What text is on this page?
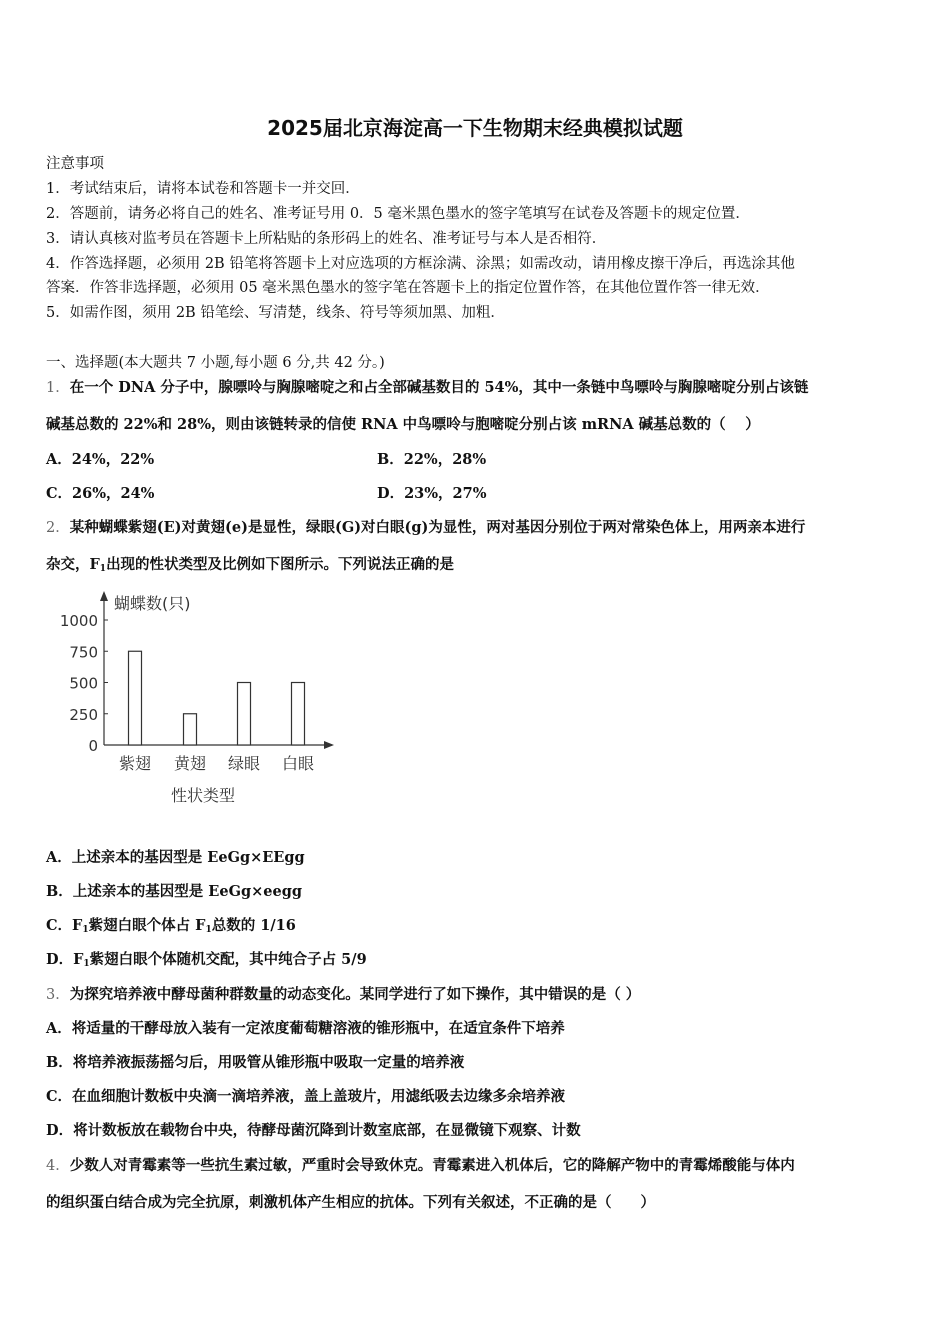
2025届北京海淀高一下生物期末经典模拟试题
注意事项
1．考试结束后，请将本试卷和答题卡一并交回．
2．答题前，请务必将自己的姓名、准考证号用 0．5 毫米黑色墨水的签字笔填写在试卷及答题卡的规定位置．
3．请认真核对监考员在答题卡上所粘贴的条形码上的姓名、准考证号与本人是否相符．
4．作答选择题，必须用 2B 铅笔将答题卡上对应选项的方框涂满、涂黑；如需改动，请用橡皮擦干净后，再选涂其他
答案．作答非选择题，必须用 05 毫米黑色墨水的签字笔在答题卡上的指定位置作答，在其他位置作答一律无效．
5．如需作图，须用 2B 铅笔绘、写清楚，线条、符号等须加黑、加粗．
一、选择题(本大题共 7 小题,每小题 6 分,共 42 分。)
1．在一个 DNA 分子中，腺嘌呤与胸腺嘧啶之和占全部碱基数目的 54%，其中一条链中鸟嘌呤与胸腺嘧啶分别占该链
碱基总数的 22%和 28%，则由该链转录的信使 RNA 中鸟嘌呤与胞嘧啶分别占该 mRNA 碱基总数的（　 ）
A．24%，22%	B．22%，28%
C．26%，24%	D．23%，27%
2．某种蝴蝶紫翅(E)对黄翅(e)是显性，绿眼(G)对白眼(g)为显性，两对基因分别位于两对常染色体上，用两亲本进行
杂交，$F_1$出现的性状类型及比例如下图所示。下列说法正确的是
蝴蝶数(只)
1000
750
500
250
0
紫翅 黄翅 绿眼 白眼
性状类型
A．上述亲本的基因型是 EeGg×EEgg
B．上述亲本的基因型是 EeGg×eegg
C．$F_1$紫翅白眼个体占 $F_1$总数的 1/16
D．$F_1$紫翅白眼个体随机交配，其中纯合子占 5/9
3．为探究培养液中酵母菌种群数量的动态变化。某同学进行了如下操作，其中错误的是（ ）
A．将适量的干酵母放入装有一定浓度葡萄糖溶液的锥形瓶中，在适宜条件下培养
B．将培养液振荡摇匀后，用吸管从锥形瓶中吸取一定量的培养液
C．在血细胞计数板中央滴一滴培养液，盖上盖玻片，用滤纸吸去边缘多余培养液
D．将计数板放在载物台中央，待酵母菌沉降到计数室底部，在显微镜下观察、计数
4．少数人对青霉素等一些抗生素过敏，严重时会导致休克。青霉素进入机体后，它的降解产物中的青霉烯酸能与体内
的组织蛋白结合成为完全抗原，刺激机体产生相应的抗体。下列有关叙述，不正确的是（　　）
